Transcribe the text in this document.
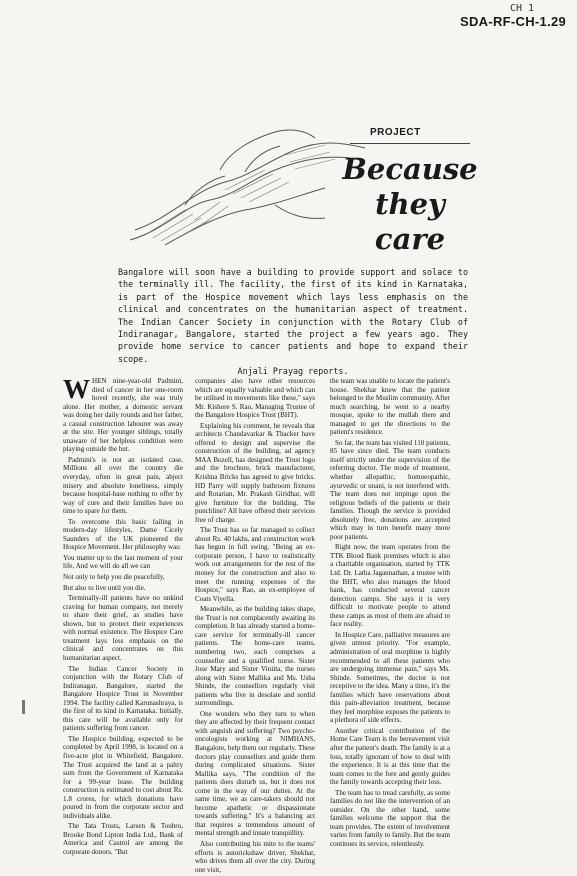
CH 1
SDA-RF-CH-1.29
PROJECT
Because they
care
Bangalore will soon have a building to provide support and solace to the terminally ill. The facility, the first of its kind in Karnataka, is part of the Hospice movement which lays less emphasis on the clinical and concentrates on the humanitarian aspect of treatment. The Indian Cancer Society in conjunction with the Rotary Club of Indiranagar, Bangalore, started the project a few years ago. They provide home service to cancer patients and hope to expand their scope.
Anjali Prayag reports.
W HEN nine-year-old Padmini, died of cancer in her one-room hovel recently, she was truly alone. Her mother, a domestic servant was doing her daily rounds and her father, a casual construction labourer was away at the site. Her younger siblings, totally unaware of her helpless condition were playing outside the hut.

Padmini's is not an isolated case. Millions all over the country die everyday, often in great pain, abject misery and absolute loneliness, simply because hospital-base nothing to offer by way of cure and their families have no time to spare for them.

To overcome this basic failing in modern-day lifestyles, Dame Cicely Saunders of the UK pioneered the Hospice Movement. Her philosophy was:

You matter up to the last moment of your life, And we will do all we can

Not only to help you die peacefully,

But also to live until you die.

Terminally-ill patients have no unkind craving for human company, not merely to share their grief, as studies have shown, but to protect their experiences with normal existence. The Hospice Care treatment lays less emphasis on the clinical and concentrates on this humanitarian aspect.

The Indian Cancer Society in conjunction with the Rotary Club of Indiranagar, Bangalore, started the Bangalore Hospice Trust in November 1994. The facility called Karunashraya, is the first of its kind in Karnataka. Initially, this care will be available only for patients suffering from cancer.

The Hospice building, expected to be completed by April 1998, is located on a five-acre plot in Whitefield, Bangalore. The Trust acquired the land at a paltry sum from the Government of Karnataka for a 99-year lease. The building construction is estimated to cost about Rs. 1.8 crores, for which donations have poured in from the corporate sector and individuals alike.

The Tata Trusts, Larsen & Toubro, Brooke Bond Lipton India Ltd., Bank of America and Castrol are among the corporate donors. "But

companies also have other resources which are equally valuable and which can be utilised in movements like these," says Mr. Kishore S. Rao, Managing Trustee of the Bangalore Hospice Trust (BHT).

Explaining his comment, he reveals that architects Chandavarkar & Thacker have offered to design and supervise the construction of the building, ad agency MAA Bozell, has designed the Trust logo and the brochure, brick manufacturer, Krishna Bricks has agreed to give bricks. HD Parry will supply bathroom fixtures and Rotarian, Mr. Prakash Giridhar, will give furniture for the building. The punchline? All have offered their services free of charge.

The Trust has so far managed to collect about Rs. 40 lakhs, and construction work has begun in full swing. "Being an ex-corporate person, I have to realistically work out arrangements for the rest of the money for the construction and also to meet the running expenses of the Hospice," says Rao, an ex-employee of Coats Viyella.

Meanwhile, as the building takes shape, the Trust is not complacently awaiting its completion. It has already started a home-care service for terminally-ill cancer patients. The home-care teams, numbering two, each comprises a counsellor and a qualified nurse. Sister Jose Mary and Sister Viniita, the nurses along with Sister Mallika and Ms. Usha Shinde, the counsellors regularly visit patients who live in desolate and sordid surroundings.

One wonders who they turn to when they are affected by their frequent contact with anguish and suffering? Two psycho-oncologists working at NIMHANS, Bangalore, help them out regularly. These doctors play counsellors and guide them during complicated situations. Sister Mallika says, "The condition of the patients does disturb us, but it does not come in the way of our duties. At the same time, we as care-takers should not become apathetic or dispassionate towards suffering." It's a balancing act that requires a tremendous amount of mental strength and innate tranquillity.

Also contributing his mite to the teams' efforts is autorickshaw driver, Shekhar, who drives them all over the city. During one visit,

the team was unable to locate the patient's house. Shekhar knew that the patient belonged to the Muslim community. After much searching, he went to a nearby mosque, spoke to the mullah there and managed to get the directions to the patient's residence.

So far, the team has visited 110 patients, 85 have since died. The team conducts itself strictly under the supervision of the referring doctor. The mode of treatment, whether allopathic, homoeopathic, ayurvedic or unani, is not interfered with. The team does not impinge upon the religious beliefs of the patients or their families. Though the service is provided absolutely free, donations are accepted which may in turn benefit many more poor patients.

Right now, the team operates from the TTK Blood Bank premises which is also a charitable organisation, started by TTK Ltd. Dr. Latha Jagannathan, a trustee with the BHT, who also manages the blood bank, has conducted several cancer detection camps. She says it is very difficult to motivate people to attend these camps as most of them are afraid to face reality.

In Hospice Care, palliative measures are given utmost priority. "For example, administration of oral morphine is highly recommended to all these patients who are undergoing immense pain," says Ms. Shinde. Sometimes, the doctor is not receptive to the idea. Many a time, it's the families which have reservations about this pain-alleviation treatment, because they feel morphine exposes the patients to a plethora of side effects.

Another critical contribution of the Home Care Team is the bereavement visit after the patient's death. The family is at a loss, totally ignorant of how to deal with the experience. It is at this time that the team comes to the fore and gently guides the family towards accepting their loss.

The team has to tread carefully, as some families do not like the intervention of an outsider. On the other hand, some families welcome the support that the team provides. The extent of involvement varies from family to family. But the team continues its service, relentlessly.
